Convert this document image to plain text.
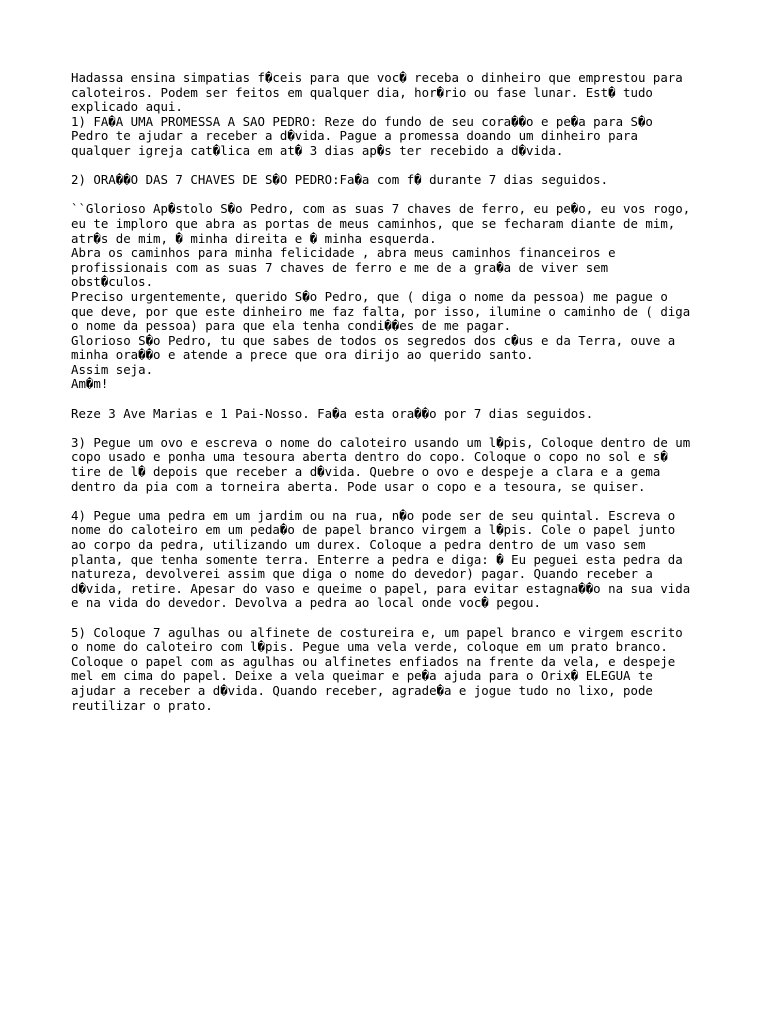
Hadassa ensina simpatias f�ceis para que voc� receba o dinheiro que emprestou para
caloteiros. Podem ser feitos em qualquer dia, hor�rio ou fase lunar. Est� tudo
explicado aqui.
1) FA�A UMA PROMESSA A SAO PEDRO: Reze do fundo de seu cora��o e pe�a para S�o
Pedro te ajudar a receber a d�vida. Pague a promessa doando um dinheiro para
qualquer igreja cat�lica em at� 3 dias ap�s ter recebido a d�vida.

2) ORA��O DAS 7 CHAVES DE S�O PEDRO:Fa�a com f� durante 7 dias seguidos.

``Glorioso Ap�stolo S�o Pedro, com as suas 7 chaves de ferro, eu pe�o, eu vos rogo,
eu te imploro que abra as portas de meus caminhos, que se fecharam diante de mim,
atr�s de mim, � minha direita e � minha esquerda.
Abra os caminhos para minha felicidade , abra meus caminhos financeiros e
profissionais com as suas 7 chaves de ferro e me de a gra�a de viver sem
obst�culos.
Preciso urgentemente, querido S�o Pedro, que ( diga o nome da pessoa) me pague o
que deve, por que este dinheiro me faz falta, por isso, ilumine o caminho de ( diga
o nome da pessoa) para que ela tenha condi��es de me pagar.
Glorioso S�o Pedro, tu que sabes de todos os segredos dos c�us e da Terra, ouve a
minha ora��o e atende a prece que ora dirijo ao querido santo.
Assim seja.
Am�m!

Reze 3 Ave Marias e 1 Pai-Nosso. Fa�a esta ora��o por 7 dias seguidos.

3) Pegue um ovo e escreva o nome do caloteiro usando um l�pis, Coloque dentro de um
copo usado e ponha uma tesoura aberta dentro do copo. Coloque o copo no sol e s�
tire de l� depois que receber a d�vida. Quebre o ovo e despeje a clara e a gema
dentro da pia com a torneira aberta. Pode usar o copo e a tesoura, se quiser.

4) Pegue uma pedra em um jardim ou na rua, n�o pode ser de seu quintal. Escreva o
nome do caloteiro em um peda�o de papel branco virgem a l�pis. Cole o papel junto
ao corpo da pedra, utilizando um durex. Coloque a pedra dentro de um vaso sem
planta, que tenha somente terra. Enterre a pedra e diga: � Eu peguei esta pedra da
natureza, devolverei assim que diga o nome do devedor) pagar. Quando receber a
d�vida, retire. Apesar do vaso e queime o papel, para evitar estagna��o na sua vida
e na vida do devedor. Devolva a pedra ao local onde voc� pegou.

5) Coloque 7 agulhas ou alfinete de costureira e, um papel branco e virgem escrito
o nome do caloteiro com l�pis. Pegue uma vela verde, coloque em um prato branco.
Coloque o papel com as agulhas ou alfinetes enfiados na frente da vela, e despeje
mel em cima do papel. Deixe a vela queimar e pe�a ajuda para o Orix� ELEGUA te
ajudar a receber a d�vida. Quando receber, agrade�a e jogue tudo no lixo, pode
reutilizar o prato.
